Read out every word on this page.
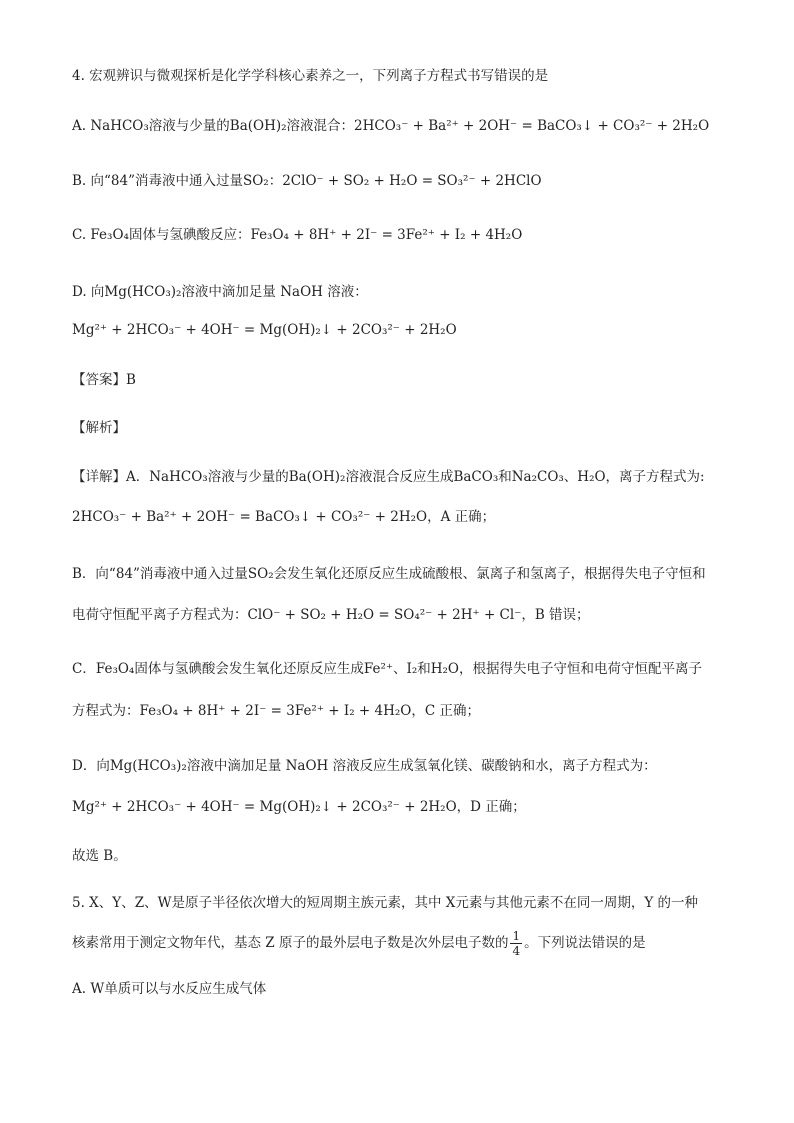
4. 宏观辨识与微观探析是化学学科核心素养之一，下列离子方程式书写错误的是
A. NaHCO₃溶液与少量的Ba(OH)₂溶液混合：2HCO₃⁻ + Ba²⁺ + 2OH⁻ = BaCO₃↓ + CO₃²⁻ + 2H₂O
B. 向“84”消毒液中通入过量SO₂：2ClO⁻ + SO₂ + H₂O = SO₃²⁻ + 2HClO
C. Fe₃O₄固体与氢碘酸反应：Fe₃O₄ + 8H⁺ + 2I⁻ = 3Fe²⁺ + I₂ + 4H₂O
D. 向Mg(HCO₃)₂溶液中滴加足量 NaOH 溶液：
Mg²⁺ + 2HCO₃⁻ + 4OH⁻ = Mg(OH)₂↓ + 2CO₃²⁻ + 2H₂O
【答案】B
【解析】
【详解】A．NaHCO₃溶液与少量的Ba(OH)₂溶液混合反应生成BaCO₃和Na₂CO₃、H₂O，离子方程式为:
2HCO₃⁻ + Ba²⁺ + 2OH⁻ = BaCO₃↓ + CO₃²⁻ + 2H₂O，A 正确；
B．向“84”消毒液中通入过量SO₂会发生氧化还原反应生成硫酸根、氯离子和氢离子，根据得失电子守恒和
电荷守恒配平离子方程式为：ClO⁻ + SO₂ + H₂O = SO₄²⁻ + 2H⁺ + Cl⁻，B 错误；
C．Fe₃O₄固体与氢碘酸会发生氧化还原反应生成Fe²⁺、I₂和H₂O，根据得失电子守恒和电荷守恒配平离子
方程式为：Fe₃O₄ + 8H⁺ + 2I⁻ = 3Fe²⁺ + I₂ + 4H₂O，C 正确；
D．向Mg(HCO₃)₂溶液中滴加足量 NaOH 溶液反应生成氢氧化镁、碳酸钠和水，离子方程式为：
Mg²⁺ + 2HCO₃⁻ + 4OH⁻ = Mg(OH)₂↓ + 2CO₃²⁻ + 2H₂O，D 正确；
故选 B。
5. X、Y、Z、W是原子半径依次增大的短周期主族元素，其中 X元素与其他元素不在同一周期，Y 的一种
核素常用于测定文物年代，基态 Z 原子的最外层电子数是次外层电子数的 $\frac{1}{4}$ 。下列说法错误的是
A. W单质可以与水反应生成气体
